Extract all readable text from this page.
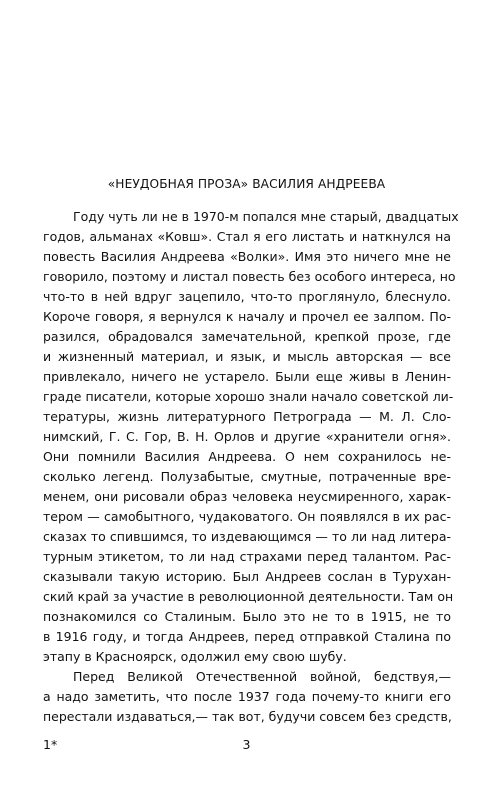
«НЕУДОБНАЯ ПРОЗА» ВАСИЛИЯ АНДРЕЕВА
Году чуть ли не в 1970-м попался мне старый, двадцатых
годов, альманах «Ковш». Стал я его листать и наткнулся на
повесть Василия Андреева «Волки». Имя это ничего мне не
говорило, поэтому и листал повесть без особого интереса, но
что-то в ней вдруг зацепило, что-то проглянуло, блеснуло.
Короче говоря, я вернулся к началу и прочел ее залпом. По-
разился, обрадовался замечательной, крепкой прозе, где
и жизненный материал, и язык, и мысль авторская — все
привлекало, ничего не устарело. Были еще живы в Ленин-
граде писатели, которые хорошо знали начало советской ли-
тературы, жизнь литературного Петрограда — М. Л. Сло-
нимский, Г. С. Гор, В. Н. Орлов и другие «хранители огня».
Они помнили Василия Андреева. О нем сохранилось не-
сколько легенд. Полузабытые, смутные, потраченные вре-
менем, они рисовали образ человека неусмиренного, харак-
тером — самобытного, чудаковатого. Он появлялся в их рас-
сказах то спившимся, то издевающимся — то ли над литера-
турным этикетом, то ли над страхами перед талантом. Рас-
сказывали такую историю. Был Андреев сослан в Турухан-
ский край за участие в революционной деятельности. Там он
познакомился со Сталиным. Было это не то в 1915, не то
в 1916 году, и тогда Андреев, перед отправкой Сталина по
этапу в Красноярск, одолжил ему свою шубу.
Перед Великой Отечественной войной, бедствуя,—
а надо заметить, что после 1937 года почему-то книги его
перестали издаваться,— так вот, будучи совсем без средств,
1*	3
